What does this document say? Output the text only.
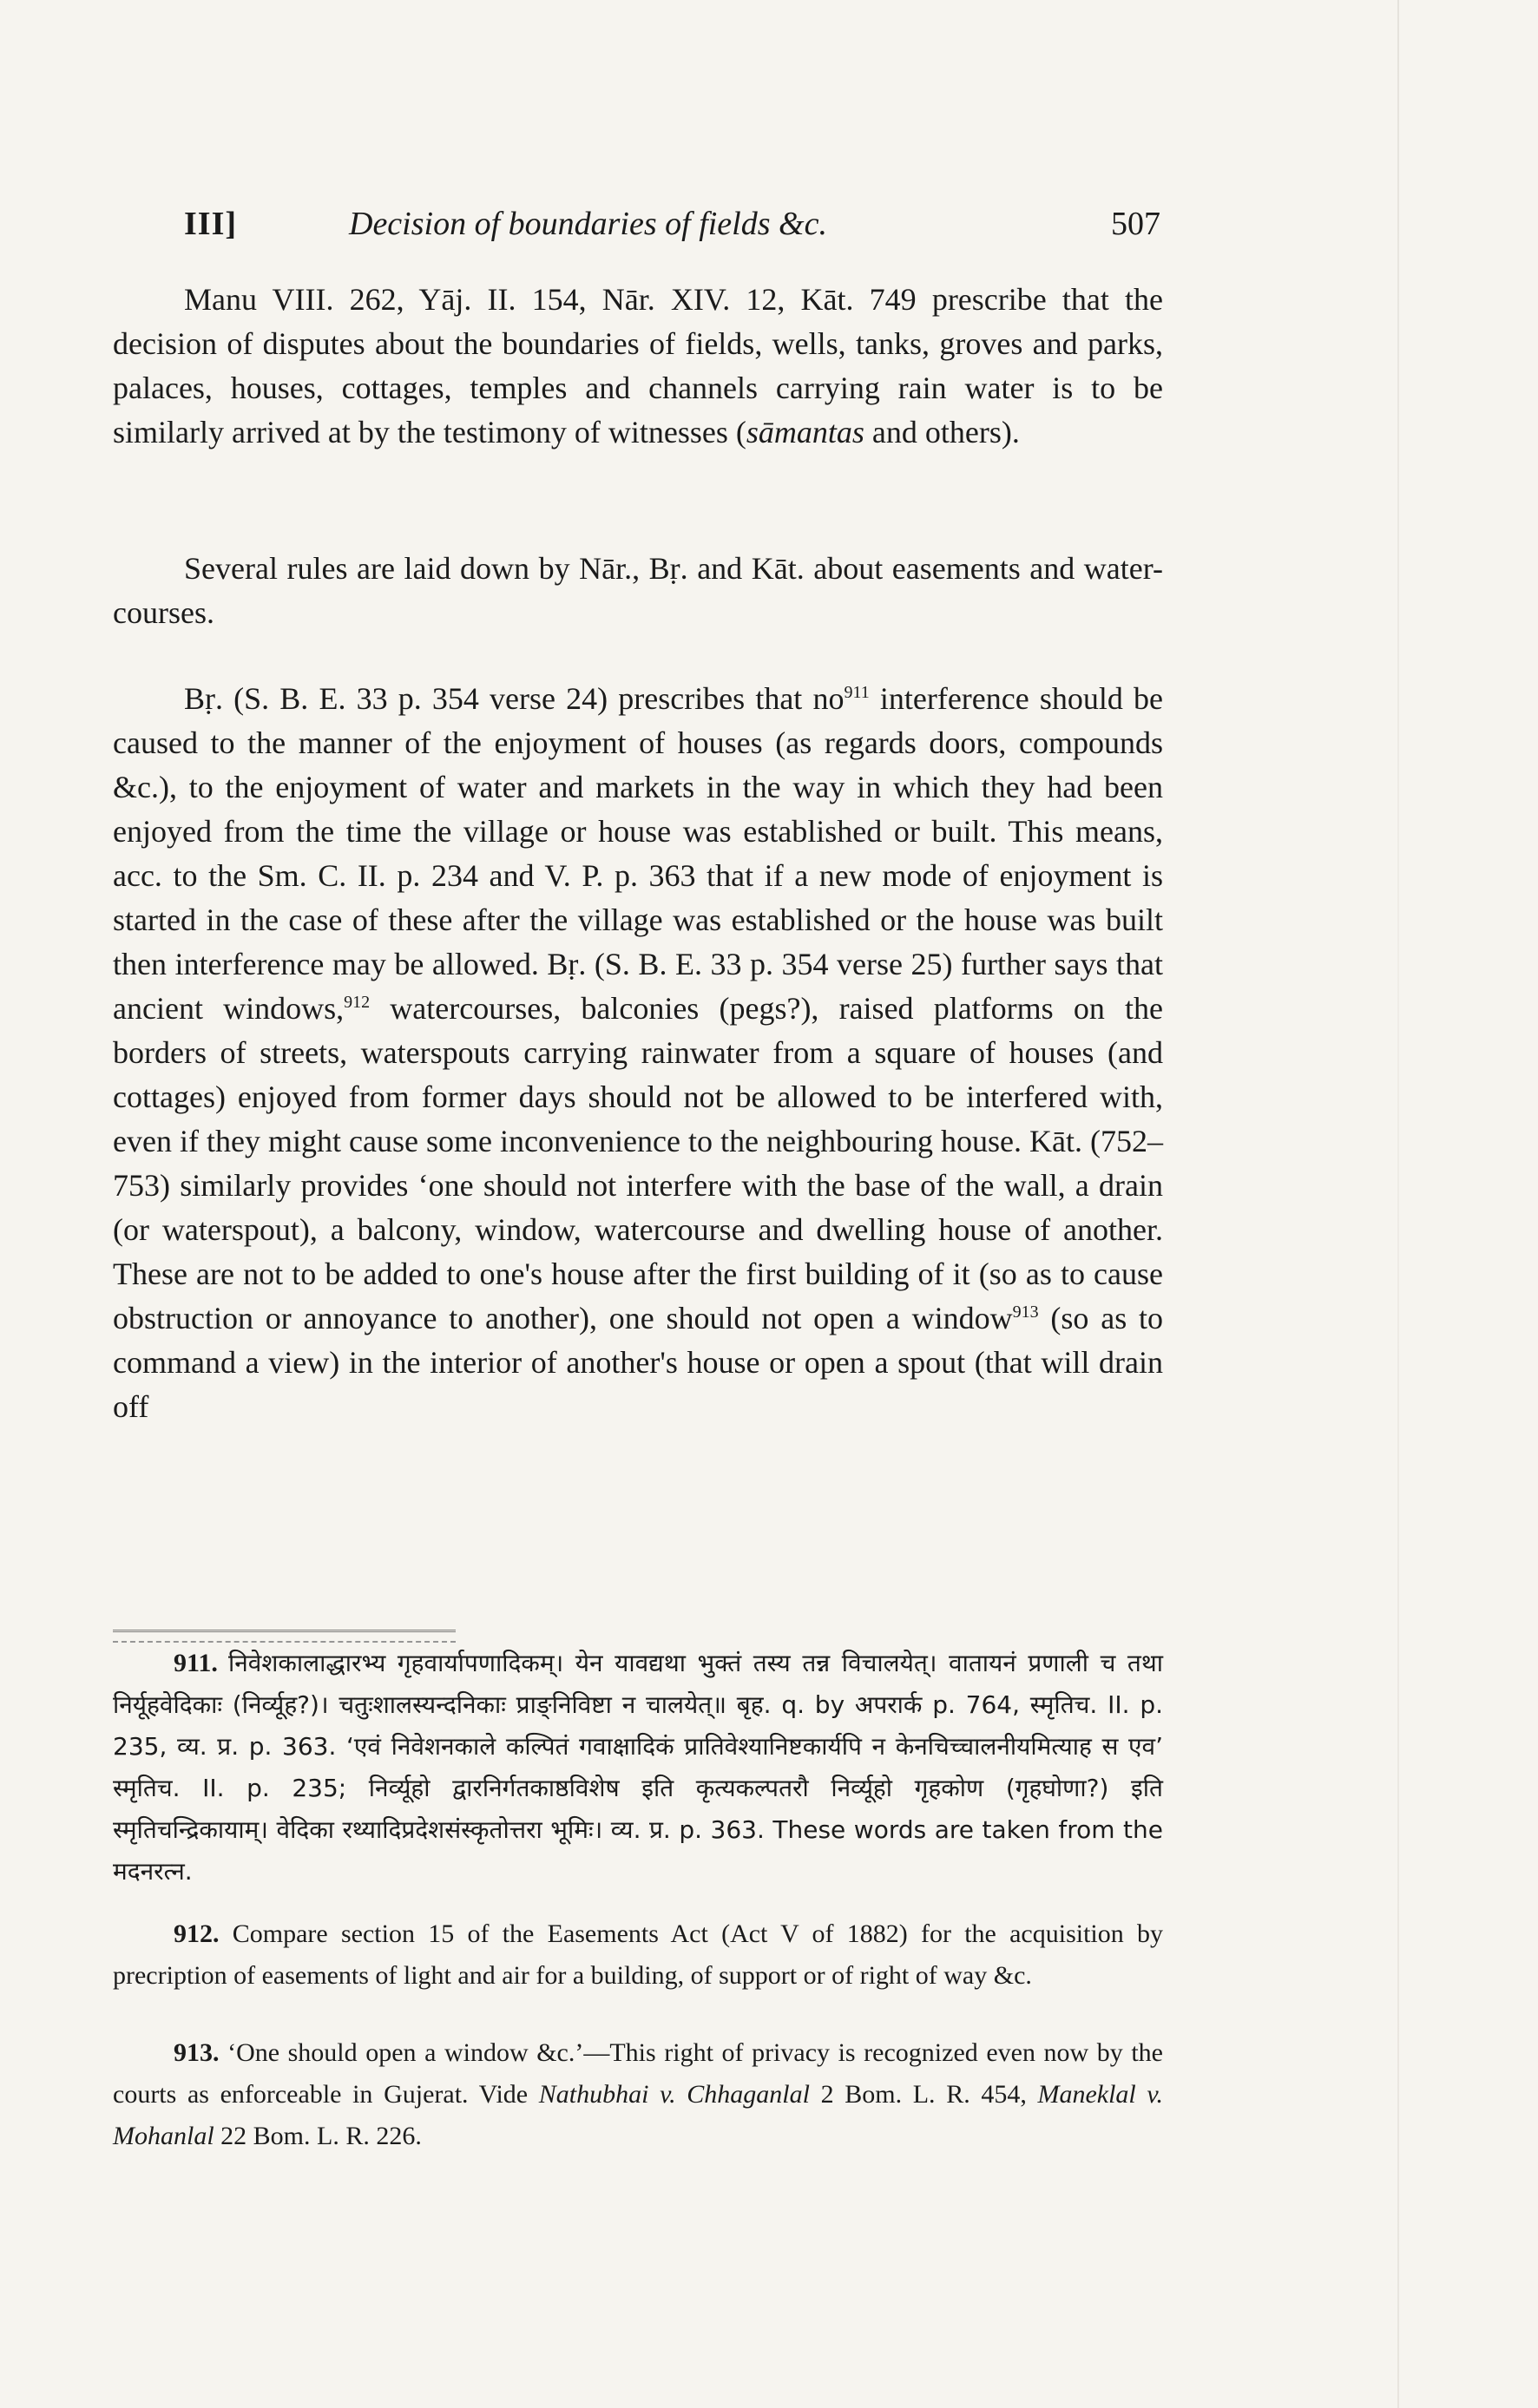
III]	Decision of boundaries of fields &c.	507

Manu VIII. 262, Yāj. II. 154, Nār. XIV. 12, Kāt. 749 prescribe that the decision of disputes about the boundaries of fields, wells, tanks, groves and parks, palaces, houses, cottages, temples and channels carrying rain water is to be similarly arrived at by the testimony of witnesses (sāmantas and others).

Several rules are laid down by Nār., Bṛ. and Kāt. about easements and water-courses.

Bṛ. (S. B. E. 33 p. 354 verse 24) prescribes that $no^{911}$ interference should be caused to the manner of the enjoyment of houses (as regards doors, compounds &c.), to the enjoyment of water and markets in the way in which they had been enjoyed from the time the village or house was established or built. This means, acc. to the Sm. C. II. p. 234 and V. P. p. 363 that if a new mode of enjoyment is started in the case of these after the village was established or the house was built then interference may be allowed. Bṛ. (S. B. E. 33 p. 354 verse 25) further says that ancient windows,$^{912}$ watercourses, balconies (pegs?), raised platforms on the borders of streets, waterspouts carrying rainwater from a square of houses (and cottages) enjoyed from former days should not be allowed to be interfered with, even if they might cause some inconvenience to the neighbouring house. Kāt. (752–753) similarly provides ‘one should not interfere with the base of the wall, a drain (or waterspout), a balcony, window, watercourse and dwelling house of another. These are not to be added to one's house after the first building of it (so as to cause obstruction or annoyance to another), one should not open a window$^{913}$ (so as to command a view) in the interior of another's house or open a spout (that will drain off

911. निवेशकालाद्धारभ्य गृहवार्यापणादिकम्। येन यावद्यथा भुक्तं तस्य तन्न विचालयेत्। वातायनं प्रणाली च तथा निर्यूहवेदिकाः (निर्व्यूह?)। चतुःशालस्यन्दनिकाः प्राङ्निविष्टा न चालयेत्॥ बृह. q. by अपरार्क p. 764, स्मृतिच. II. p. 235, व्य. प्र. p. 363. ‘एवं निवेशनकाले कल्पितं गवाक्षादिकं प्रातिवेश्यानिष्टकार्यपि न केनचिच्चालनीयमित्याह स एव’ स्मृतिच. II. p. 235; निर्व्यूहो द्वारनिर्गतकाष्ठविशेष इति कृत्यकल्पतरौ निर्व्यूहो गृहकोण (गृहघोणा?) इति स्मृतिचन्द्रिकायाम्। वेदिका रथ्यादिप्रदेशसंस्कृतोत्तरा भूमिः। व्य. प्र. p. 363. These words are taken from the मदनरत्न.

912. Compare section 15 of the Easements Act (Act V of 1882) for the acquisition by precription of easements of light and air for a building, of support or of right of way &c.

913. ‘One should open a window &c.’—This right of privacy is recognized even now by the courts as enforceable in Gujerat. Vide Nathubhai v. Chhaganlal 2 Bom. L. R. 454, Maneklal v. Mohanlal 22 Bom. L. R. 226.
